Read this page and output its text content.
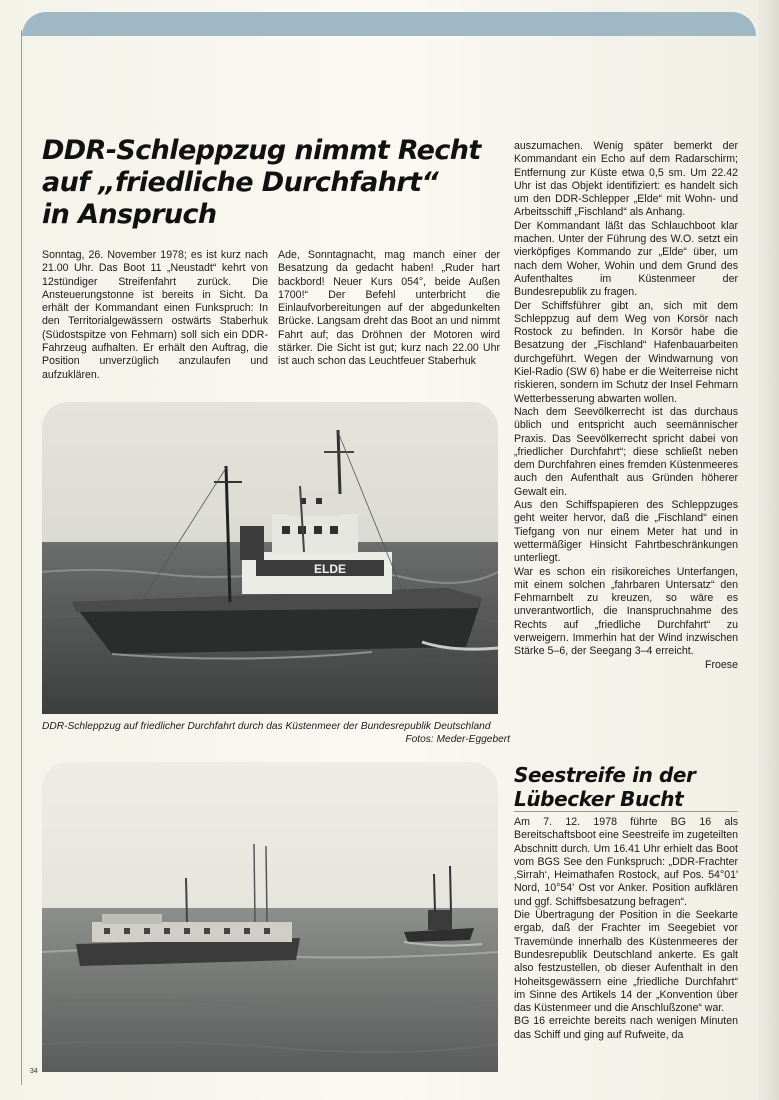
DDR-Schleppzug nimmt Recht
auf „friedliche Durchfahrt“
in Anspruch

Sonntag, 26. November 1978; es ist kurz nach 21.00 Uhr. Das Boot 11 „Neustadt“ kehrt von 12stündiger Streifenfahrt zurück. Die Ansteuerungstonne ist bereits in Sicht. Da erhält der Kommandant einen Funkspruch: In den Territorialgewässern ostwärts Staberhuk (Südostspitze von Fehmarn) soll sich ein DDR-Fahrzeug aufhalten. Er erhält den Auftrag, die Position unverzüglich anzulaufen und aufzuklären.

Ade, Sonntagnacht, mag manch einer der Besatzung da gedacht haben! „Ruder hart backbord! Neuer Kurs 054°, beide Außen 1700!“ Der Befehl unterbricht die Einlaufvorbereitungen auf der abgedunkelten Brücke. Langsam dreht das Boot an und nimmt Fahrt auf; das Dröhnen der Motoren wird stärker. Die Sicht ist gut; kurz nach 22.00 Uhr ist auch schon das Leuchtfeuer Staberhuk

auszumachen. Wenig später bemerkt der Kommandant ein Echo auf dem Radarschirm; Entfernung zur Küste etwa 0,5 sm. Um 22.42 Uhr ist das Objekt identifiziert: es handelt sich um den DDR-Schlepper „Elde“ mit Wohn- und Arbeitsschiff „Fischland“ als Anhang.

Der Kommandant läßt das Schlauchboot klar machen. Unter der Führung des W.O. setzt ein vierköpfiges Kommando zur „Elde“ über, um nach dem Woher, Wohin und dem Grund des Aufenthaltes im Küstenmeer der Bundesrepublik zu fragen.

Der Schiffsführer gibt an, sich mit dem Schleppzug auf dem Weg von Korsör nach Rostock zu befinden. In Korsör habe die Besatzung der „Fischland“ Hafenbauarbeiten durchgeführt. Wegen der Windwarnung von Kiel-Radio (SW 6) habe er die Weiterreise nicht riskieren, sondern im Schutz der Insel Fehmarn Wetterbesserung abwarten wollen.

Nach dem Seevölkerrecht ist das durchaus üblich und entspricht auch seemännischer Praxis. Das Seevölkerrecht spricht dabei von „friedlicher Durchfahrt“; diese schließt neben dem Durchfahren eines fremden Küstenmeeres auch den Aufenthalt aus Gründen höherer Gewalt ein.

Aus den Schiffspapieren des Schleppzuges geht weiter hervor, daß die „Fischland“ einen Tiefgang von nur einem Meter hat und in wettermäßiger Hinsicht Fahrtbeschränkungen unterliegt.

War es schon ein risikoreiches Unterfangen, mit einem solchen „fahrbaren Untersatz“ den Fehmarnbelt zu kreuzen, so wäre es unverantwortlich, die Inanspruchnahme des Rechts auf „friedliche Durchfahrt“ zu verweigern. Immerhin hat der Wind inzwischen Stärke 5–6, der Seegang 3–4 erreicht.

Froese

ELDE
DDR-Schleppzug auf friedlicher Durchfahrt durch das Küstenmeer der Bundesrepublik Deutschland
Fotos: Meder-Eggebert
Seestreife in der
Lübecker Bucht

Am 7. 12. 1978 führte BG 16 als Bereitschaftsboot eine Seestreife im zugeteilten Abschnitt durch. Um 16.41 Uhr erhielt das Boot vom BGS See den Funkspruch: „DDR-Frachter ‚Sirrah‘, Heimathafen Rostock, auf Pos. 54°01' Nord, 10°54' Ost vor Anker. Position aufklären und ggf. Schiffsbesatzung befragen“.

Die Übertragung der Position in die Seekarte ergab, daß der Frachter im Seegebiet vor Travemünde innerhalb des Küstenmeeres der Bundesrepublik Deutschland ankerte. Es galt also festzustellen, ob dieser Aufenthalt in den Hoheitsgewässern eine „friedliche Durchfahrt“ im Sinne des Artikels 14 der „Konvention über das Küstenmeer und die Anschlußzone“ war.

BG 16 erreichte bereits nach wenigen Minuten das Schiff und ging auf Rufweite, da

34
